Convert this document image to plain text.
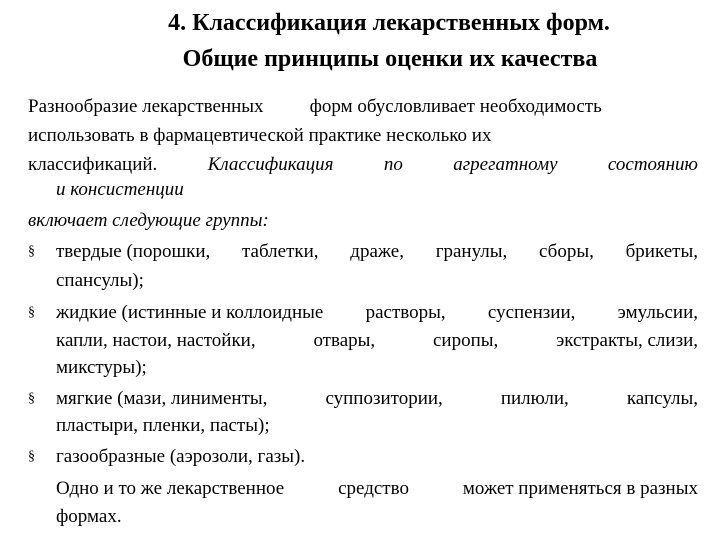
4. Классификация лекарственных форм.
Общие принципы оценки их качества
Разнообразие лекарственных форм обусловливает необходимость
использовать в фармацевтической практике несколько их
классификаций.	Классификация	по	агрегатному	состоянию
и консистенции
включает следующие группы:
§ твердые (порошки, таблетки, драже, гранулы, сборы, брикеты,
спансулы);
§ жидкие (истинные и коллоидные растворы, суспензии, эмульсии,
капли, настои, настойки,	отвары,	сиропы,	экстракты, слизи,
микстуры);
§ мягкие (мази, линименты,	суппозитории,	пилюли,	капсулы,
пластыри, пленки, пасты);
§ газообразные (аэрозоли, газы).
Одно и то же лекарственное	средство	может применяться в разных
формах.
